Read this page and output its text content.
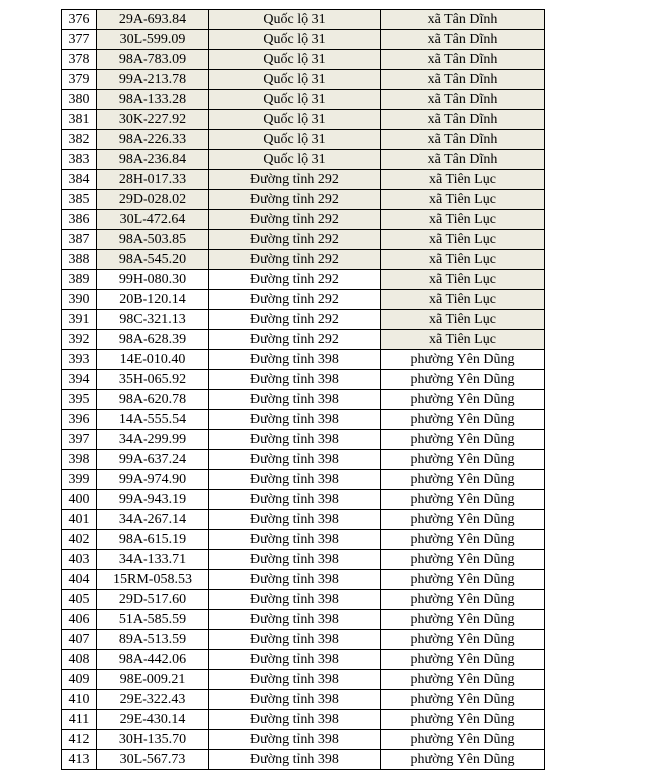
376	29A-693.84	Quốc lộ 31	xã Tân Dĩnh
377	30L-599.09	Quốc lộ 31	xã Tân Dĩnh
378	98A-783.09	Quốc lộ 31	xã Tân Dĩnh
379	99A-213.78	Quốc lộ 31	xã Tân Dĩnh
380	98A-133.28	Quốc lộ 31	xã Tân Dĩnh
381	30K-227.92	Quốc lộ 31	xã Tân Dĩnh
382	98A-226.33	Quốc lộ 31	xã Tân Dĩnh
383	98A-236.84	Quốc lộ 31	xã Tân Dĩnh
384	28H-017.33	Đường tỉnh 292	xã Tiên Lục
385	29D-028.02	Đường tỉnh 292	xã Tiên Lục
386	30L-472.64	Đường tỉnh 292	xã Tiên Lục
387	98A-503.85	Đường tỉnh 292	xã Tiên Lục
388	98A-545.20	Đường tỉnh 292	xã Tiên Lục
389	99H-080.30	Đường tỉnh 292	xã Tiên Lục
390	20B-120.14	Đường tỉnh 292	xã Tiên Lục
391	98C-321.13	Đường tỉnh 292	xã Tiên Lục
392	98A-628.39	Đường tỉnh 292	xã Tiên Lục
393	14E-010.40	Đường tỉnh 398	phường Yên Dũng
394	35H-065.92	Đường tỉnh 398	phường Yên Dũng
395	98A-620.78	Đường tỉnh 398	phường Yên Dũng
396	14A-555.54	Đường tỉnh 398	phường Yên Dũng
397	34A-299.99	Đường tỉnh 398	phường Yên Dũng
398	99A-637.24	Đường tỉnh 398	phường Yên Dũng
399	99A-974.90	Đường tỉnh 398	phường Yên Dũng
400	99A-943.19	Đường tỉnh 398	phường Yên Dũng
401	34A-267.14	Đường tỉnh 398	phường Yên Dũng
402	98A-615.19	Đường tỉnh 398	phường Yên Dũng
403	34A-133.71	Đường tỉnh 398	phường Yên Dũng
404	15RM-058.53	Đường tỉnh 398	phường Yên Dũng
405	29D-517.60	Đường tỉnh 398	phường Yên Dũng
406	51A-585.59	Đường tỉnh 398	phường Yên Dũng
407	89A-513.59	Đường tỉnh 398	phường Yên Dũng
408	98A-442.06	Đường tỉnh 398	phường Yên Dũng
409	98E-009.21	Đường tỉnh 398	phường Yên Dũng
410	29E-322.43	Đường tỉnh 398	phường Yên Dũng
411	29E-430.14	Đường tỉnh 398	phường Yên Dũng
412	30H-135.70	Đường tỉnh 398	phường Yên Dũng
413	30L-567.73	Đường tỉnh 398	phường Yên Dũng
